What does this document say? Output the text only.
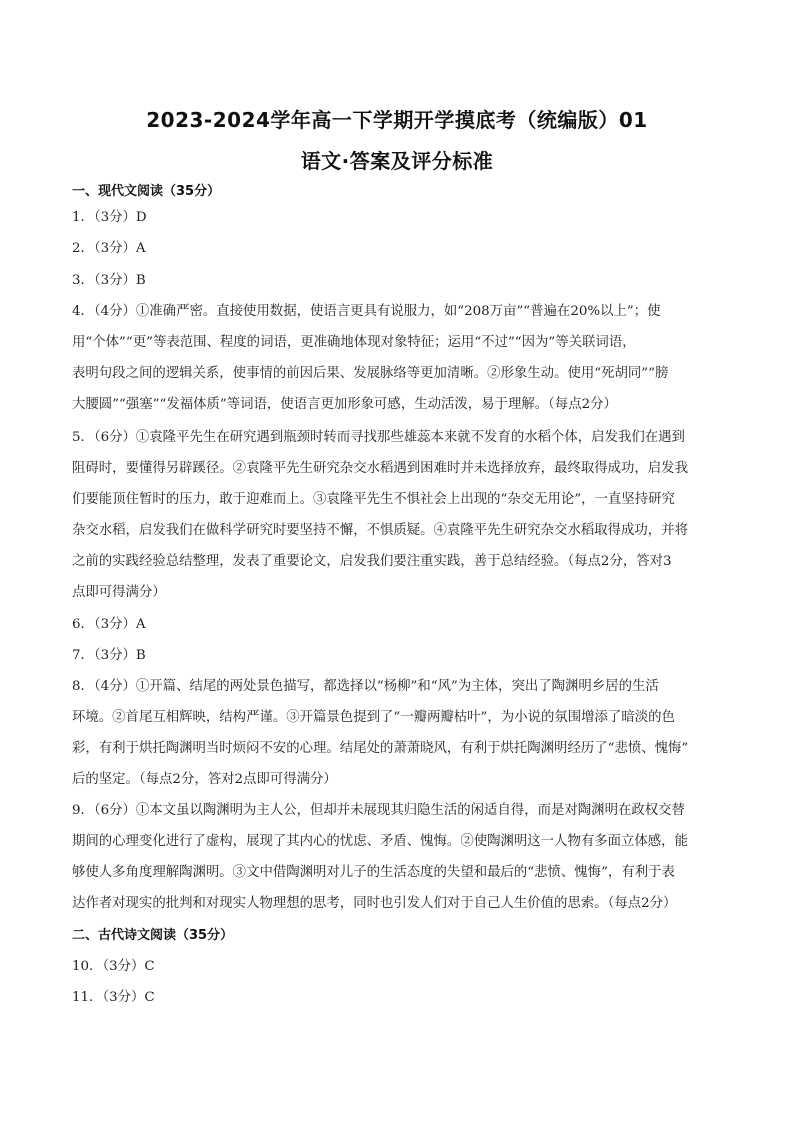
2023-2024学年高一下学期开学摸底考（统编版）01
语文·答案及评分标准
一、现代文阅读（35分）
1．（3分）D
2．（3分）A
3．（3分）B
4．（4分）①准确严密。直接使用数据，使语言更具有说服力，如“208万亩”“普遍在20%以上”；使
用“个体”“更”等表范围、程度的词语，更准确地体现对象特征；运用“不过”“因为”等关联词语，
表明句段之间的逻辑关系，使事情的前因后果、发展脉络等更加清晰。②形象生动。使用“死胡同”“膀
大腰圆”“强塞”“发福体质”等词语，使语言更加形象可感，生动活泼，易于理解。（每点2分）
5．（6分）①袁隆平先生在研究遇到瓶颈时转而寻找那些雄蕊本来就不发育的水稻个体，启发我们在遇到
阻碍时，要懂得另辟蹊径。②袁隆平先生研究杂交水稻遇到困难时并未选择放弃，最终取得成功，启发我
们要能顶住暂时的压力，敢于迎难而上。③袁隆平先生不惧社会上出现的“杂交无用论”，一直坚持研究
杂交水稻，启发我们在做科学研究时要坚持不懈，不惧质疑。④袁隆平先生研究杂交水稻取得成功，并将
之前的实践经验总结整理，发表了重要论文，启发我们要注重实践，善于总结经验。（每点2分，答对3
点即可得满分）
6．（3分）A
7．（3分）B
8．（4分）①开篇、结尾的两处景色描写，都选择以“杨柳”和“风”为主体，突出了陶渊明乡居的生活
环境。②首尾互相辉映，结构严谨。③开篇景色提到了“一瓣两瓣枯叶”，为小说的氛围增添了暗淡的色
彩，有利于烘托陶渊明当时烦闷不安的心理。结尾处的萧萧晓风，有利于烘托陶渊明经历了“悲愤、愧悔”
后的坚定。（每点2分，答对2点即可得满分）
9．（6分）①本文虽以陶渊明为主人公，但却并未展现其归隐生活的闲适自得，而是对陶渊明在政权交替
期间的心理变化进行了虚构，展现了其内心的忧虑、矛盾、愧悔。②使陶渊明这一人物有多面立体感，能
够使人多角度理解陶渊明。③文中借陶渊明对儿子的生活态度的失望和最后的“悲愤、愧悔”，有利于表
达作者对现实的批判和对现实人物理想的思考，同时也引发人们对于自己人生价值的思索。（每点2分）
二、古代诗文阅读（35分）
10．（3分）C
11．（3分）C
